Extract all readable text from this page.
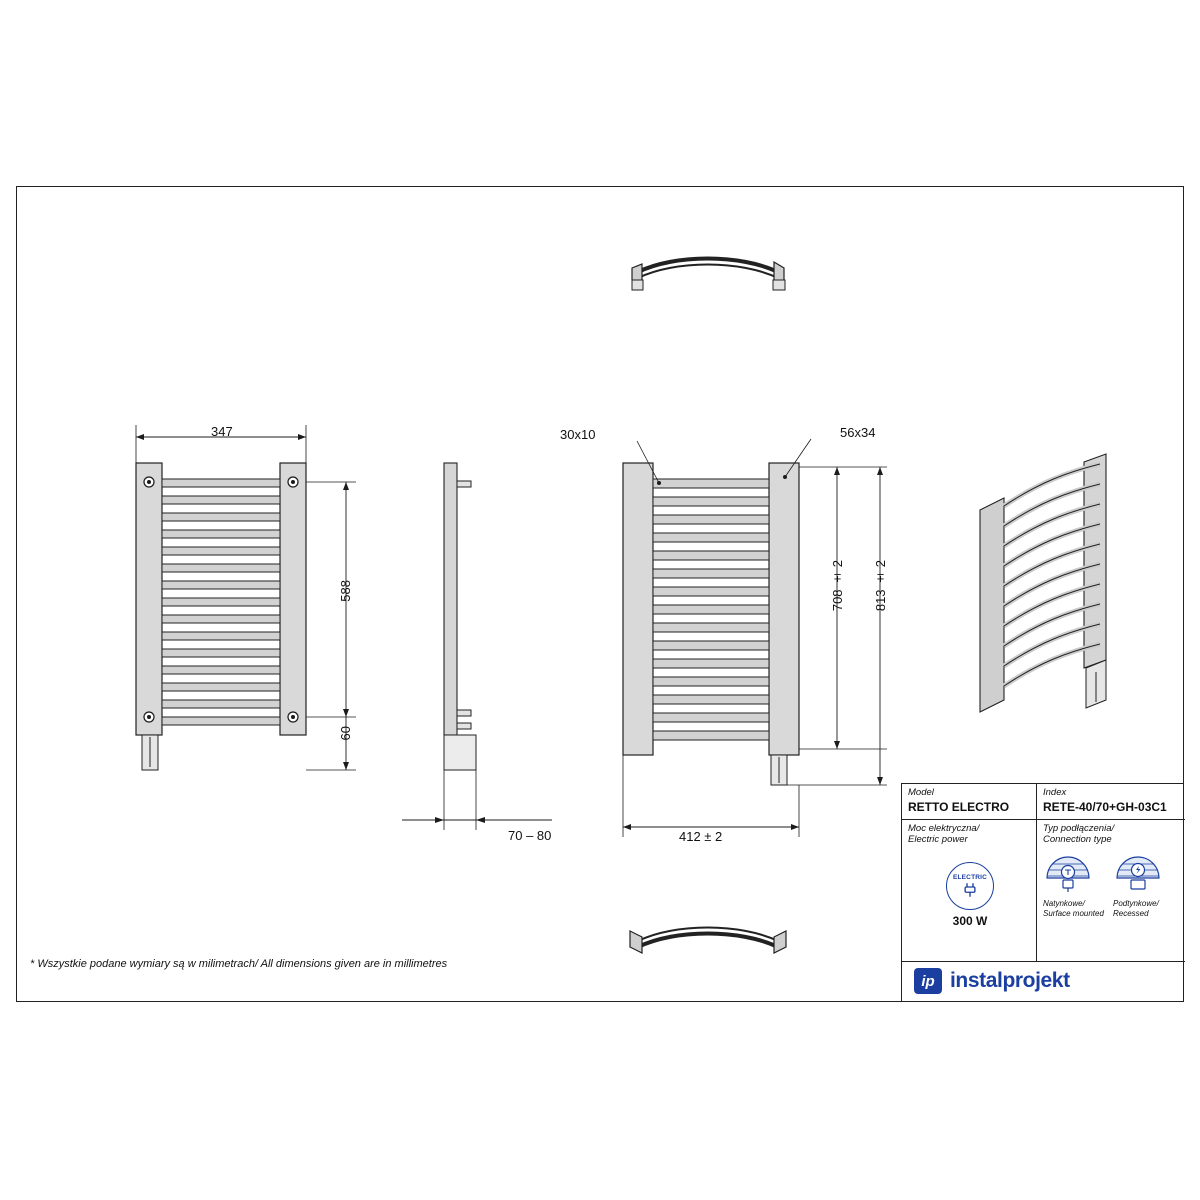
347
588
60
70 – 80
30x10	56x34
708 ± 2 813 ± 2
412 ± 2
* Wszystkie podane wymiary są w milimetrach/ All dimensions given are in millimetres
Model
RETTO ELECTRO
Index
RETE-40/70+GH-03C1
Moc elektryczna/
Electric power
ELECTRIC
300 W
Typ podłączenia/
Connection type
Natynkowe/
Surface mounted
Podtynkowe/
Recessed
ip instalprojekt
